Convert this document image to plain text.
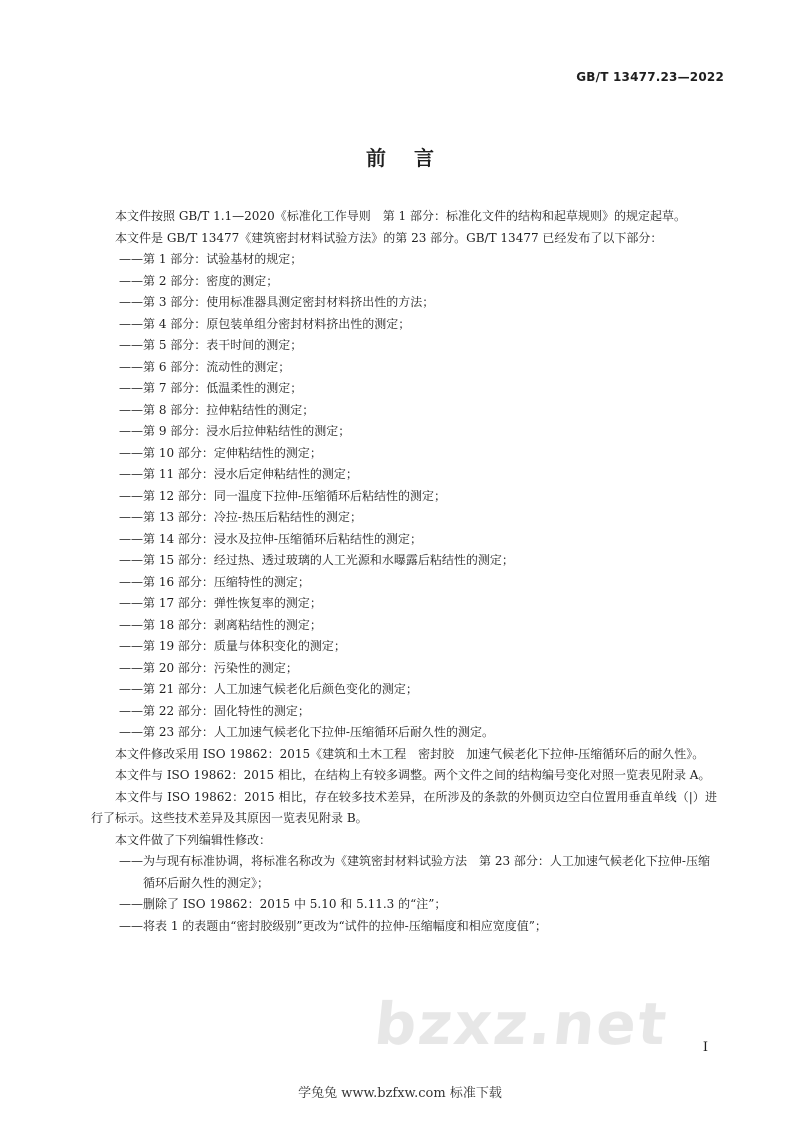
GB/T 13477.23—2022
前言
本文件按照 GB/T 1.1—2020《标准化工作导则　第 1 部分：标准化文件的结构和起草规则》的规定起草。
本文件是 GB/T 13477《建筑密封材料试验方法》的第 23 部分。GB/T 13477 已经发布了以下部分：
——第 1 部分：试验基材的规定；
——第 2 部分：密度的测定；
——第 3 部分：使用标准器具测定密封材料挤出性的方法；
——第 4 部分：原包装单组分密封材料挤出性的测定；
——第 5 部分：表干时间的测定；
——第 6 部分：流动性的测定；
——第 7 部分：低温柔性的测定；
——第 8 部分：拉伸粘结性的测定；
——第 9 部分：浸水后拉伸粘结性的测定；
——第 10 部分：定伸粘结性的测定；
——第 11 部分：浸水后定伸粘结性的测定；
——第 12 部分：同一温度下拉伸-压缩循环后粘结性的测定；
——第 13 部分：冷拉-热压后粘结性的测定；
——第 14 部分：浸水及拉伸-压缩循环后粘结性的测定；
——第 15 部分：经过热、透过玻璃的人工光源和水曝露后粘结性的测定；
——第 16 部分：压缩特性的测定；
——第 17 部分：弹性恢复率的测定；
——第 18 部分：剥离粘结性的测定；
——第 19 部分：质量与体积变化的测定；
——第 20 部分：污染性的测定；
——第 21 部分：人工加速气候老化后颜色变化的测定；
——第 22 部分：固化特性的测定；
——第 23 部分：人工加速气候老化下拉伸-压缩循环后耐久性的测定。
本文件修改采用 ISO 19862：2015《建筑和土木工程　密封胶　加速气候老化下拉伸-压缩循环后的耐久性》。
本文件与 ISO 19862：2015 相比，在结构上有较多调整。两个文件之间的结构编号变化对照一览表见附录 A。
本文件与 ISO 19862：2015 相比，存在较多技术差异，在所涉及的条款的外侧页边空白位置用垂直单线（|）进行了标示。这些技术差异及其原因一览表见附录 B。
本文件做了下列编辑性修改：
——为与现有标准协调，将标准名称改为《建筑密封材料试验方法　第 23 部分：人工加速气候老化下拉伸-压缩循环后耐久性的测定》；
——删除了 ISO 19862：2015 中 5.10 和 5.11.3 的“注”；
——将表 1 的表题由“密封胶级别”更改为“试件的拉伸-压缩幅度和相应宽度值”；
bzxz.net I
学兔兔 www.bzfxw.com 标准下载
